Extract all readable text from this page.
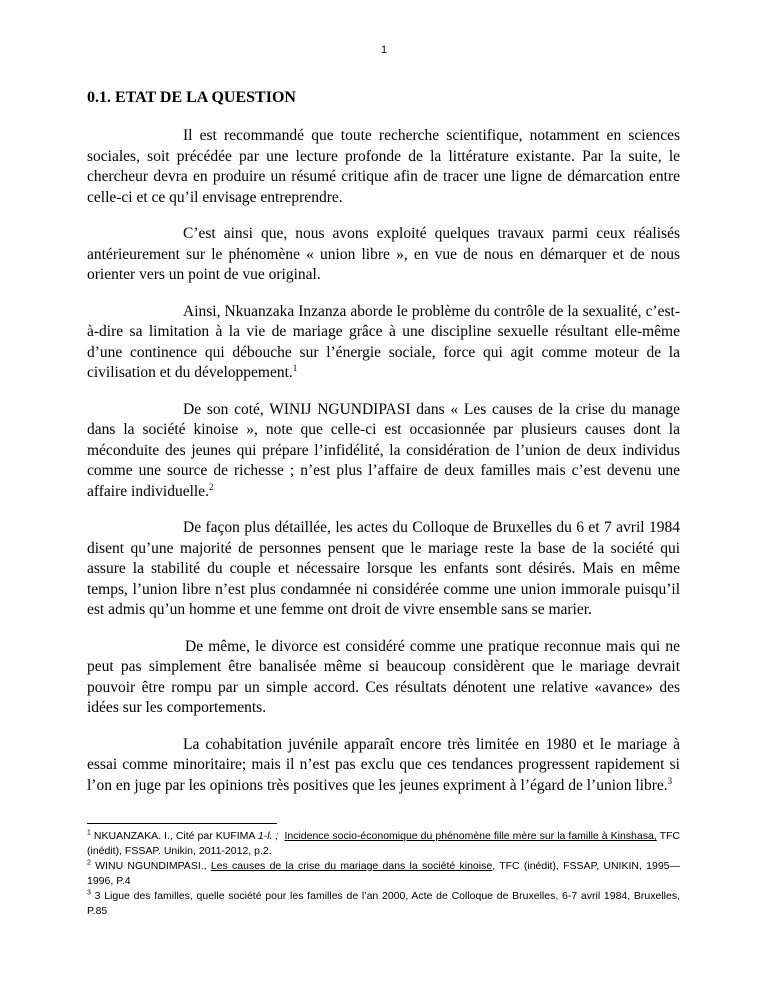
1
0.1. ETAT DE LA QUESTION

Il est recommandé que toute recherche scientifique, notamment en sciences sociales, soit précédée par une lecture profonde de la littérature existante. Par la suite, le chercheur devra en produire un résumé critique afin de tracer une ligne de démarcation entre celle-ci et ce qu’il envisage entreprendre.

C’est ainsi que, nous avons exploité quelques travaux parmi ceux réalisés antérieurement sur le phénomène « union libre », en vue de nous en démarquer et de nous orienter vers un point de vue original.

Ainsi, Nkuanzaka Inzanza aborde le problème du contrôle de la sexualité, c’est-à-dire sa limitation à la vie de mariage grâce à une discipline sexuelle résultant elle-même d’une continence qui débouche sur l’énergie sociale, force qui agit comme moteur de la civilisation et du développement.$^1$

De son coté, WINIJ NGUNDIPASI dans « Les causes de la crise du manage dans la société kinoise », note que celle-ci est occasionnée par plusieurs causes dont la méconduite des jeunes qui prépare l’infidélité, la considération de l’union de deux individus comme une source de richesse ; n’est plus l’affaire de deux familles mais c’est devenu une affaire individuelle.$^2$

De façon plus détaillée, les actes du Colloque de Bruxelles du 6 et 7 avril 1984 disent qu’une majorité de personnes pensent que le mariage reste la base de la société qui assure la stabilité du couple et nécessaire lorsque les enfants sont désirés. Mais en même temps, l’union libre n’est plus condamnée ni considérée comme une union immorale puisqu’il est admis qu’un homme et une femme ont droit de vivre ensemble sans se marier.

De même, le divorce est considéré comme une pratique reconnue mais qui ne peut pas simplement être banalisée même si beaucoup considèrent que le mariage devrait pouvoir être rompu par un simple accord. Ces résultats dénotent une relative «avance» des idées sur les comportements.

La cohabitation juvénile apparaît encore très limitée en 1980 et le mariage à essai comme minoritaire; mais il n’est pas exclu que ces tendances progressent rapidement si l’on en juge par les opinions très positives que les jeunes expriment à l’égard de l’union libre.$^3$

$^1$ NKUANZAKA. I., Cité par KUFIMA 1-l. ; Incidence socio-économique du phénomène fille mère sur la famille à Kinshasa, TFC (inédit), FSSAP. Unikin, 2011-2012, p.2.

$^2$ WINU NGUNDIMPASI., Les causes de la crise du mariage dans la société kinoise, TFC (inédit), FSSAP, UNIKIN, 1995— 1996, P.4

$^3$ 3 Ligue des familles, quelle société pour les familles de l’an 2000, Acte de Colloque de Bruxelles, 6-7 avril 1984, Bruxelles, P.85
